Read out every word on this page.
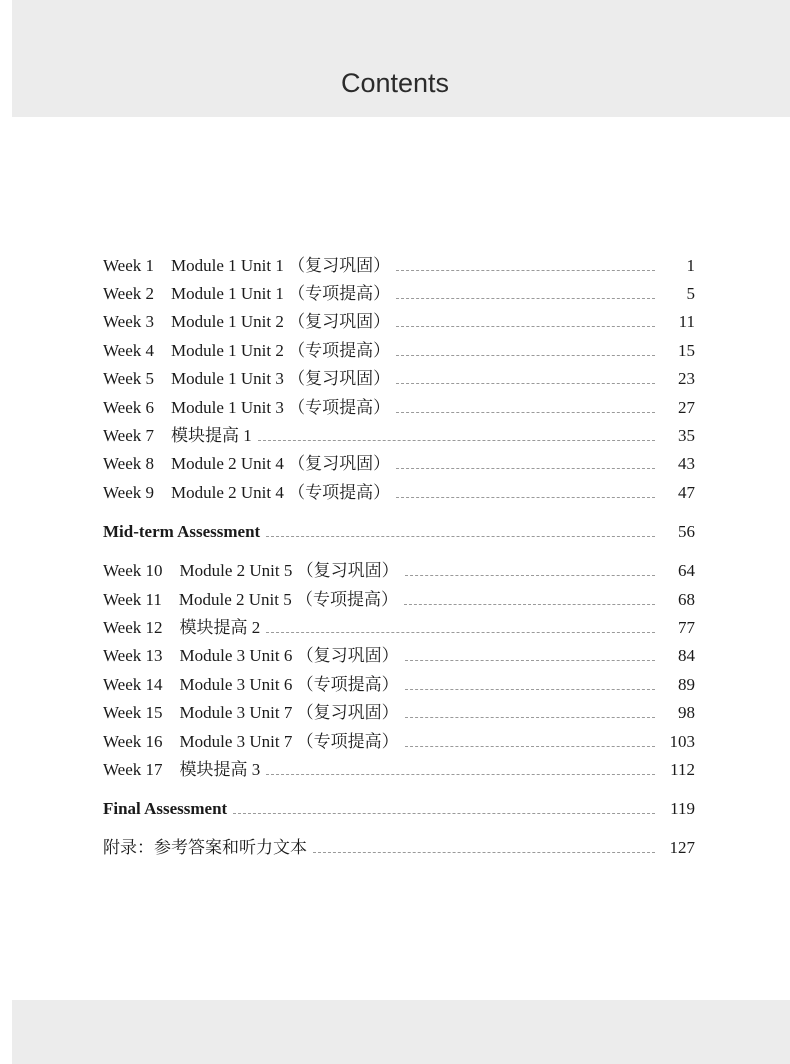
Contents
Week 1    Module 1 Unit 1 （复习巩固）	1
Week 2    Module 1 Unit 1 （专项提高）	5
Week 3    Module 1 Unit 2 （复习巩固）	11
Week 4    Module 1 Unit 2 （专项提高）	15
Week 5    Module 1 Unit 3 （复习巩固）	23
Week 6    Module 1 Unit 3 （专项提高）	27
Week 7    模块提高 1	35
Week 8    Module 2 Unit 4 （复习巩固）	43
Week 9    Module 2 Unit 4 （专项提高）	47
Mid-term Assessment	56
Week 10    Module 2 Unit 5 （复习巩固）	64
Week 11    Module 2 Unit 5 （专项提高）	68
Week 12    模块提高 2	77
Week 13    Module 3 Unit 6 （复习巩固）	84
Week 14    Module 3 Unit 6 （专项提高）	89
Week 15    Module 3 Unit 7 （复习巩固）	98
Week 16    Module 3 Unit 7 （专项提高）	103
Week 17    模块提高 3	112
Final Assessment	119
附录：参考答案和听力文本	127
